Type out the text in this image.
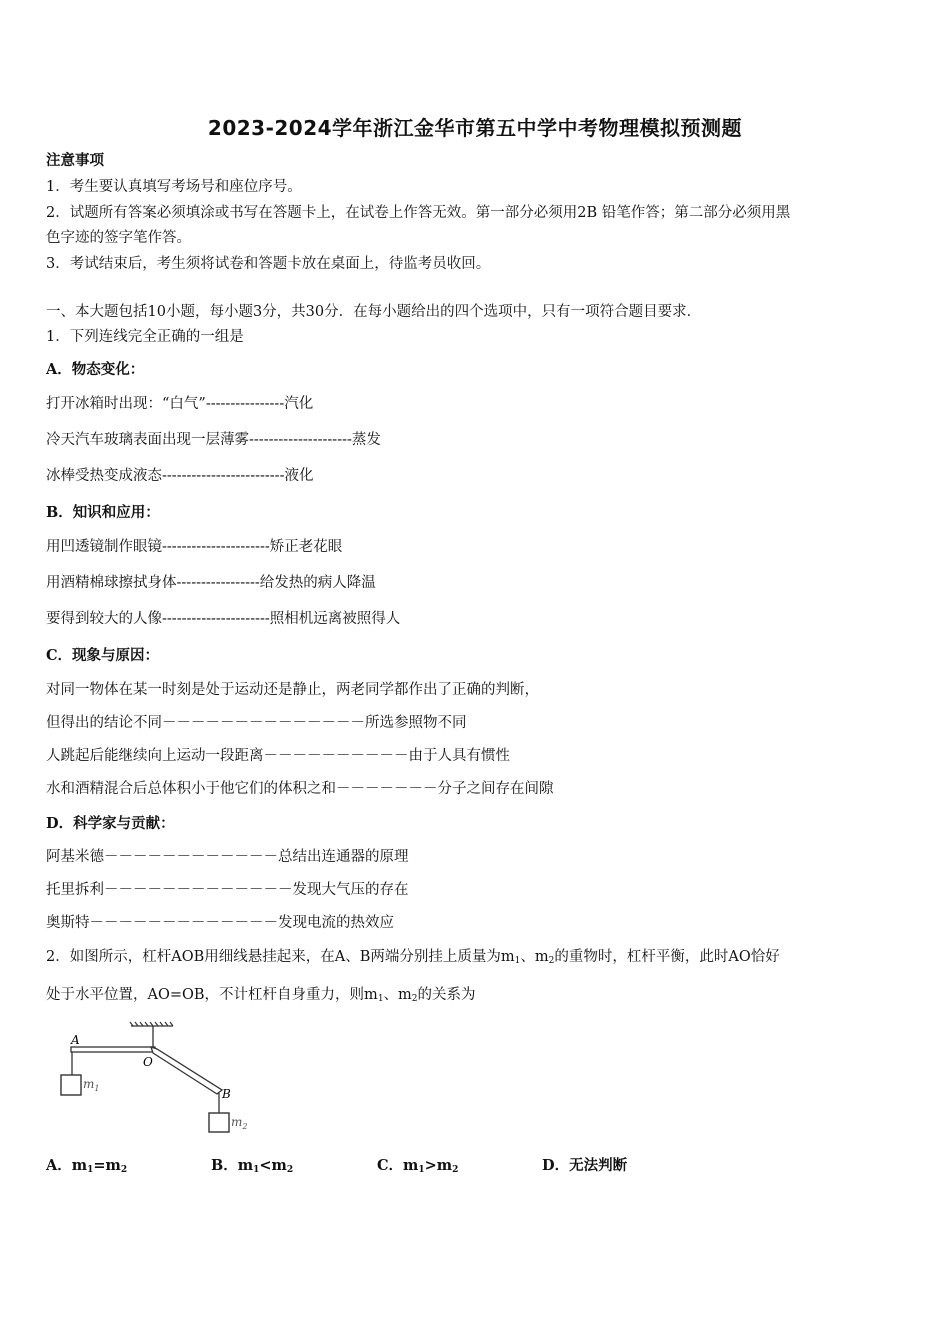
2023-2024学年浙江金华市第五中学中考物理模拟预测题
注意事项
1．考生要认真填写考场号和座位序号。
2．试题所有答案必须填涂或书写在答题卡上，在试卷上作答无效。第一部分必须用2B 铅笔作答；第二部分必须用黑
色字迹的签字笔作答。
3．考试结束后，考生须将试卷和答题卡放在桌面上，待监考员收回。
一、本大题包括10小题，每小题3分，共30分．在每小题给出的四个选项中，只有一项符合题目要求．
1．下列连线完全正确的一组是
A．物态变化：
打开冰箱时出现：“白气”----------------汽化
冷天汽车玻璃表面出现一层薄雾---------------------蒸发
冰棒受热变成液态-------------------------液化
B．知识和应用：
用凹透镜制作眼镜----------------------矫正老花眼
用酒精棉球擦拭身体-----------------给发热的病人降温
要得到较大的人像----------------------照相机远离被照得人
C．现象与原因：
对同一物体在某一时刻是处于运动还是静止，两老同学都作出了正确的判断，
但得出的结论不同－－－－－－－－－－－－－－所选参照物不同
人跳起后能继续向上运动一段距离－－－－－－－－－－由于人具有惯性
水和酒精混合后总体积小于他它们的体积之和－－－－－－－分子之间存在间隙
D．科学家与贡献：
阿基米德－－－－－－－－－－－－总结出连通器的原理
托里拆利－－－－－－－－－－－－－发现大气压的存在
奥斯特－－－－－－－－－－－－－发现电流的热效应
2．如图所示，杠杆AOB用细线悬挂起来，在A、B两端分别挂上质量为$m_1$、$m_2$的重物时，杠杆平衡，此时AO恰好
处于水平位置，AO=OB，不计杠杆自身重力，则$m_1$、$m_2$的关系为
A
O
B
$m_1$
$m_2$
A．$m_1=m_2$	B．$m_1<m_2$	C．$m_1>m_2$	D．无法判断
